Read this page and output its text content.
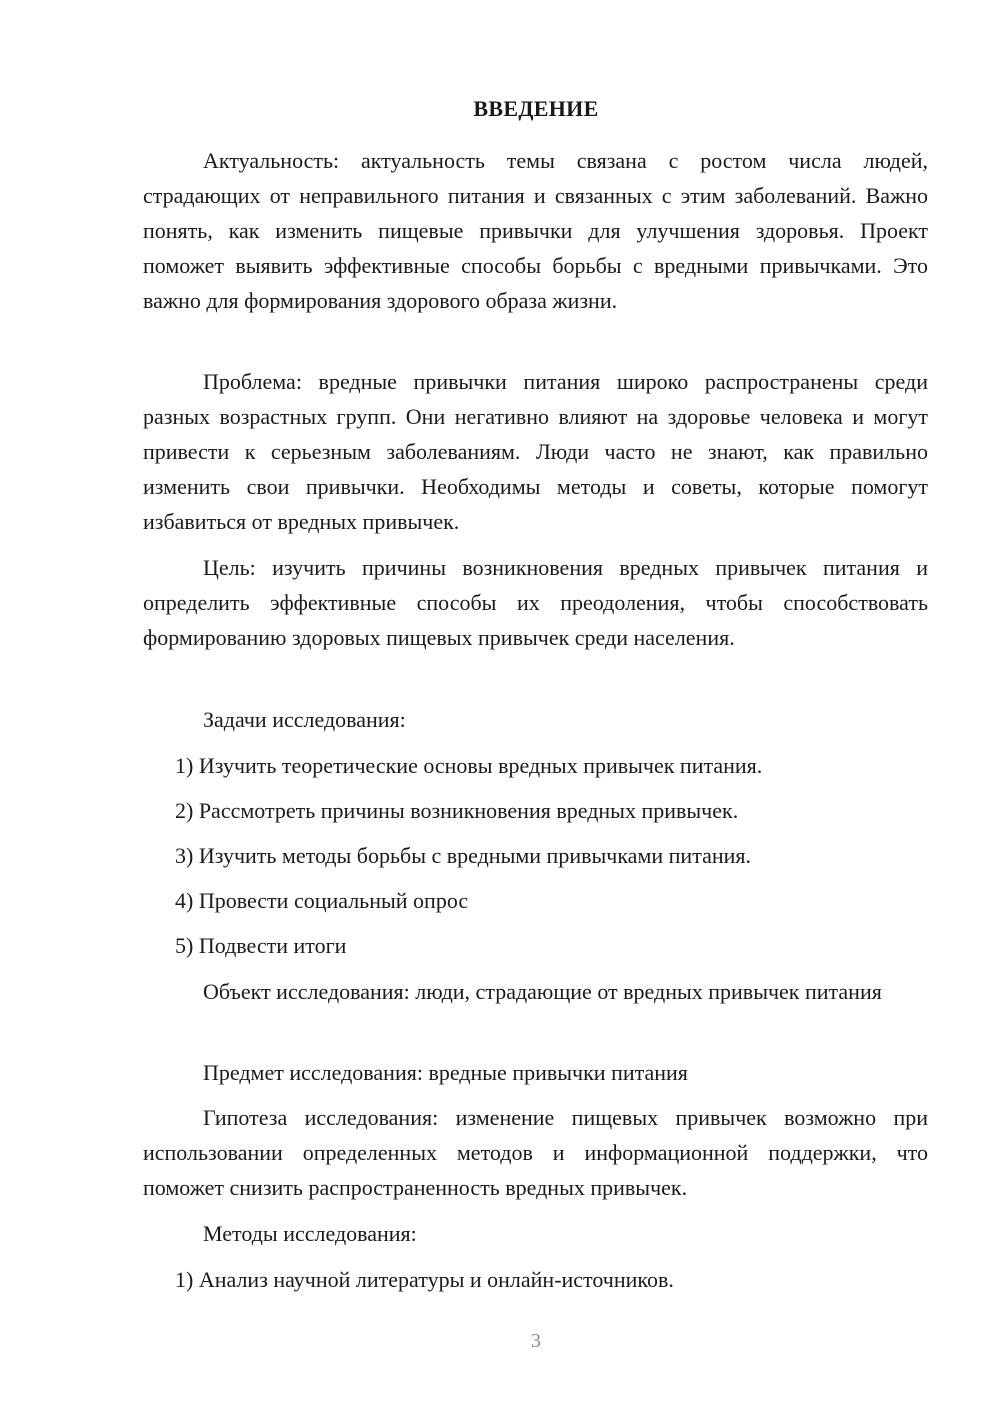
ВВЕДЕНИЕ
Актуальность: актуальность темы связана с ростом числа людей, страдающих от неправильного питания и связанных с этим заболеваний. Важно понять, как изменить пищевые привычки для улучшения здоровья. Проект поможет выявить эффективные способы борьбы с вредными привычками. Это важно для формирования здорового образа жизни.
Проблема: вредные привычки питания широко распространены среди разных возрастных групп. Они негативно влияют на здоровье человека и могут привести к серьезным заболеваниям. Люди часто не знают, как правильно изменить свои привычки. Необходимы методы и советы, которые помогут избавиться от вредных привычек.
Цель: изучить причины возникновения вредных привычек питания и определить эффективные способы их преодоления, чтобы способствовать формированию здоровых пищевых привычек среди населения.
Задачи исследования:
1) Изучить теоретические основы вредных привычек питания.
2) Рассмотреть причины возникновения вредных привычек.
3) Изучить методы борьбы с вредными привычками питания.
4) Провести социальный опрос
5) Подвести итоги
Объект исследования: люди, страдающие от вредных привычек питания
Предмет исследования: вредные привычки питания
Гипотеза исследования: изменение пищевых привычек возможно при использовании определенных методов и информационной поддержки, что поможет снизить распространенность вредных привычек.
Методы исследования:
1) Анализ научной литературы и онлайн-источников.
3
